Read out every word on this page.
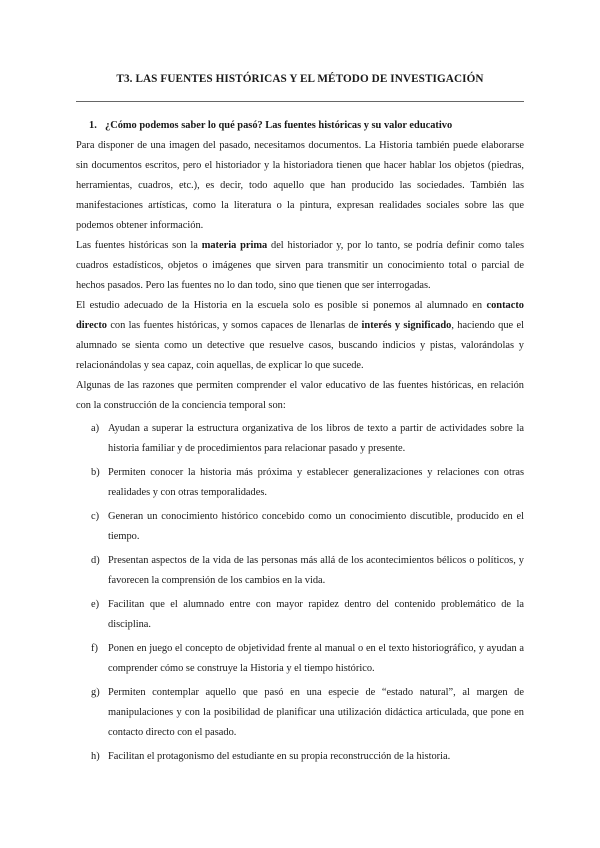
T3. LAS FUENTES HISTÓRICAS Y EL MÉTODO DE INVESTIGACIÓN
1. ¿Cómo podemos saber lo qué pasó? Las fuentes históricas y su valor educativo

Para disponer de una imagen del pasado, necesitamos documentos. La Historia también puede elaborarse sin documentos escritos, pero el historiador y la historiadora tienen que hacer hablar los objetos (piedras, herramientas, cuadros, etc.), es decir, todo aquello que han producido las sociedades. También las manifestaciones artísticas, como la literatura o la pintura, expresan realidades sociales sobre las que podemos obtener información.

Las fuentes históricas son la materia prima del historiador y, por lo tanto, se podría definir como tales cuadros estadísticos, objetos o imágenes que sirven para transmitir un conocimiento total o parcial de hechos pasados. Pero las fuentes no lo dan todo, sino que tienen que ser interrogadas.

El estudio adecuado de la Historia en la escuela solo es posible si ponemos al alumnado en contacto directo con las fuentes históricas, y somos capaces de llenarlas de interés y significado, haciendo que el alumnado se sienta como un detective que resuelve casos, buscando indicios y pistas, valorándolas y relacionándolas y sea capaz, coin aquellas, de explicar lo que sucede.

Algunas de las razones que permiten comprender el valor educativo de las fuentes históricas, en relación con la construcción de la conciencia temporal son:

a) Ayudan a superar la estructura organizativa de los libros de texto a partir de actividades sobre la historia familiar y de procedimientos para relacionar pasado y presente.
b) Permiten conocer la historia más próxima y establecer generalizaciones y relaciones con otras realidades y con otras temporalidades.
c) Generan un conocimiento histórico concebido como un conocimiento discutible, producido en el tiempo.
d) Presentan aspectos de la vida de las personas más allá de los acontecimientos bélicos o políticos, y favorecen la comprensión de los cambios en la vida.
e) Facilitan que el alumnado entre con mayor rapidez dentro del contenido problemático de la disciplina.
f) Ponen en juego el concepto de objetividad frente al manual o en el texto historiográfico, y ayudan a comprender cómo se construye la Historia y el tiempo histórico.
g) Permiten contemplar aquello que pasó en una especie de “estado natural”, al margen de manipulaciones y con la posibilidad de planificar una utilización didáctica articulada, que pone en contacto directo con el pasado.
h) Facilitan el protagonismo del estudiante en su propia reconstrucción de la historia.
